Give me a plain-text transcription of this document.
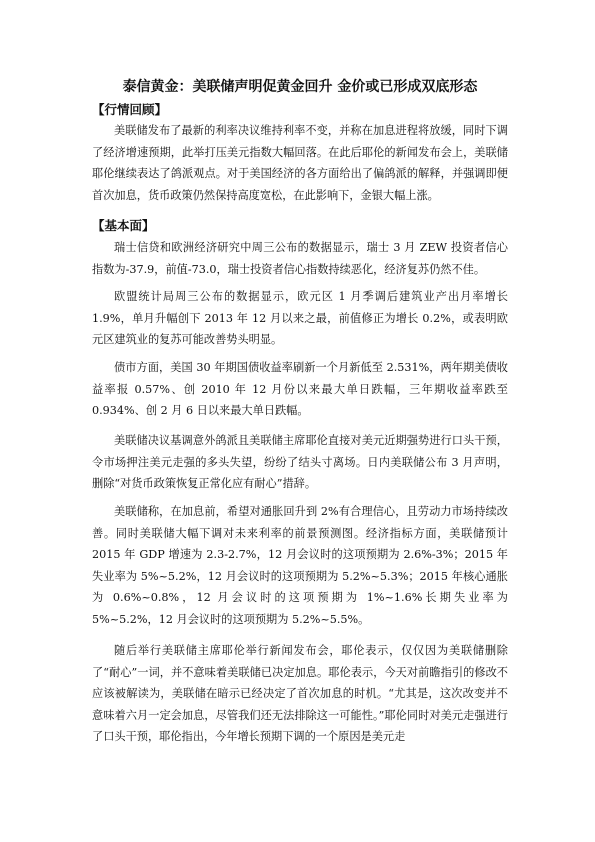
泰信黄金：美联储声明促黄金回升 金价或已形成双底形态
【行情回顾】

美联储发布了最新的利率决议维持利率不变，并称在加息进程将放缓，同时下调了经济增速预期，此举打压美元指数大幅回落。在此后耶伦的新闻发布会上，美联储耶伦继续表达了鸽派观点。对于美国经济的各方面给出了偏鸽派的解释，并强调即便首次加息，货币政策仍然保持高度宽松，在此影响下，金银大幅上涨。

【基本面】

瑞士信贷和欧洲经济研究中周三公布的数据显示，瑞士 3 月 ZEW 投资者信心指数为-37.9，前值-73.0，瑞士投资者信心指数持续恶化，经济复苏仍然不佳。

欧盟统计局周三公布的数据显示，欧元区 1 月季调后建筑业产出月率增长 1.9%，单月升幅创下 2013 年 12 月以来之最，前值修正为增长 0.2%，或表明欧元区建筑业的复苏可能改善势头明显。

债市方面，美国 30 年期国债收益率刷新一个月新低至 2.531%，两年期美债收益率报 0.57%、创 2010 年 12 月份以来最大单日跌幅，三年期收益率跌至 0.934%、创 2 月 6 日以来最大单日跌幅。

美联储决议基调意外鸽派且美联储主席耶伦直接对美元近期强势进行口头干预，令市场押注美元走强的多头失望，纷纷了结头寸离场。日内美联储公布 3 月声明，删除“对货币政策恢复正常化应有耐心”措辞。

美联储称，在加息前，希望对通胀回升到 2%有合理信心，且劳动力市场持续改善。同时美联储大幅下调对未来利率的前景预测图。经济指标方面，美联储预计 2015 年 GDP 增速为 2.3-2.7%，12 月会议时的这项预期为 2.6%-3%；2015 年失业率为 5%~5.2%，12 月会议时的这项预期为 5.2%~5.3%；2015 年核心通胀为 0.6%~0.8%，12 月会议时的这项预期为 1%~1.6%长期失业率为 5%~5.2%，12 月会议时的这项预期为 5.2%~5.5%。

随后举行美联储主席耶伦举行新闻发布会，耶伦表示，仅仅因为美联储删除了“耐心”一词，并不意味着美联储已决定加息。耶伦表示，今天对前瞻指引的修改不应该被解读为，美联储在暗示已经决定了首次加息的时机。“尤其是，这次改变并不意味着六月一定会加息，尽管我们还无法排除这一可能性。”耶伦同时对美元走强进行了口头干预，耶伦指出，今年增长预期下调的一个原因是美元走
